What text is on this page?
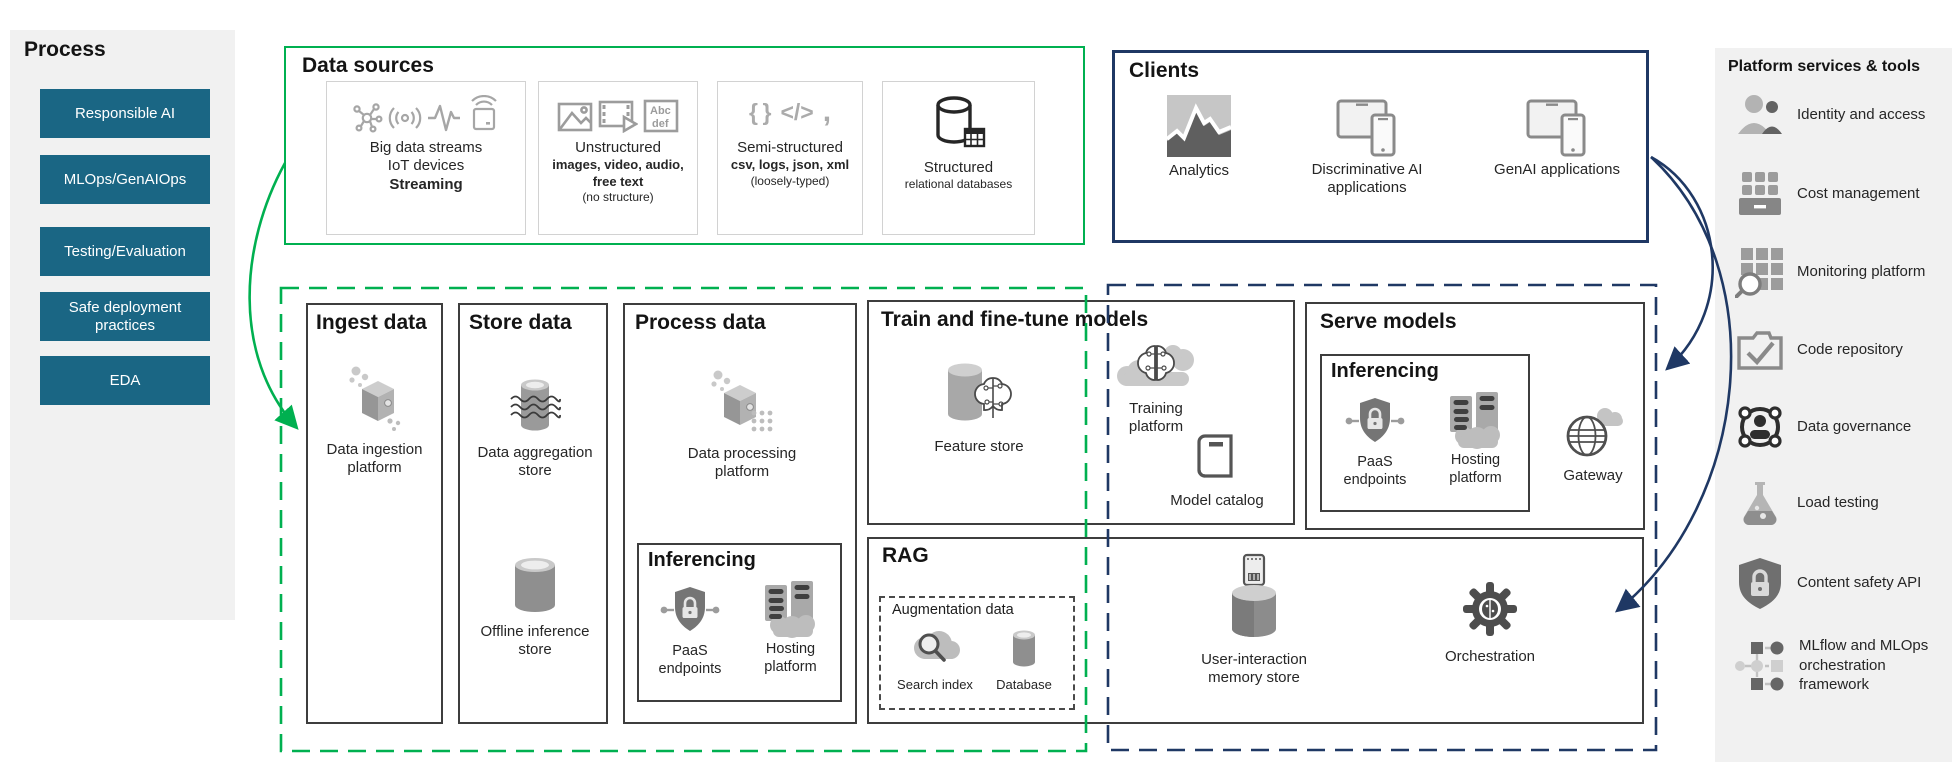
Process
Responsible AI
MLOps/GenAIOps
Testing/Evaluation
Safe deployment practices
EDA
Data sources
Big data streams
IoT devices
Streaming
Abc
def
Unstructured
images, video, audio, free text
(no structure)
{ } </> ,
Semi-structured
csv, logs, json, xml
(loosely-typed)
Structured
relational databases
Clients
Analytics	Discriminative AI applications
GenAI applications
Platform services & tools
Identity and access
Cost management
Monitoring platform
Code repository
Data governance
Load testing
Content safety API
MLflow and MLOps orchestration framework
Ingest data
Data ingestion platform
Store data
Data aggregation store
Offline inference store
Process data
Data processing platform
Inferencing
PaaS endpoints
Hosting platform
Train and fine-tune models
Feature store
Training platform
Model catalog
Serve models
Inferencing
PaaS endpoints
Hosting platform	Gateway
RAG
Augmentation data
Search index Database
User-interaction memory store
Orchestration
